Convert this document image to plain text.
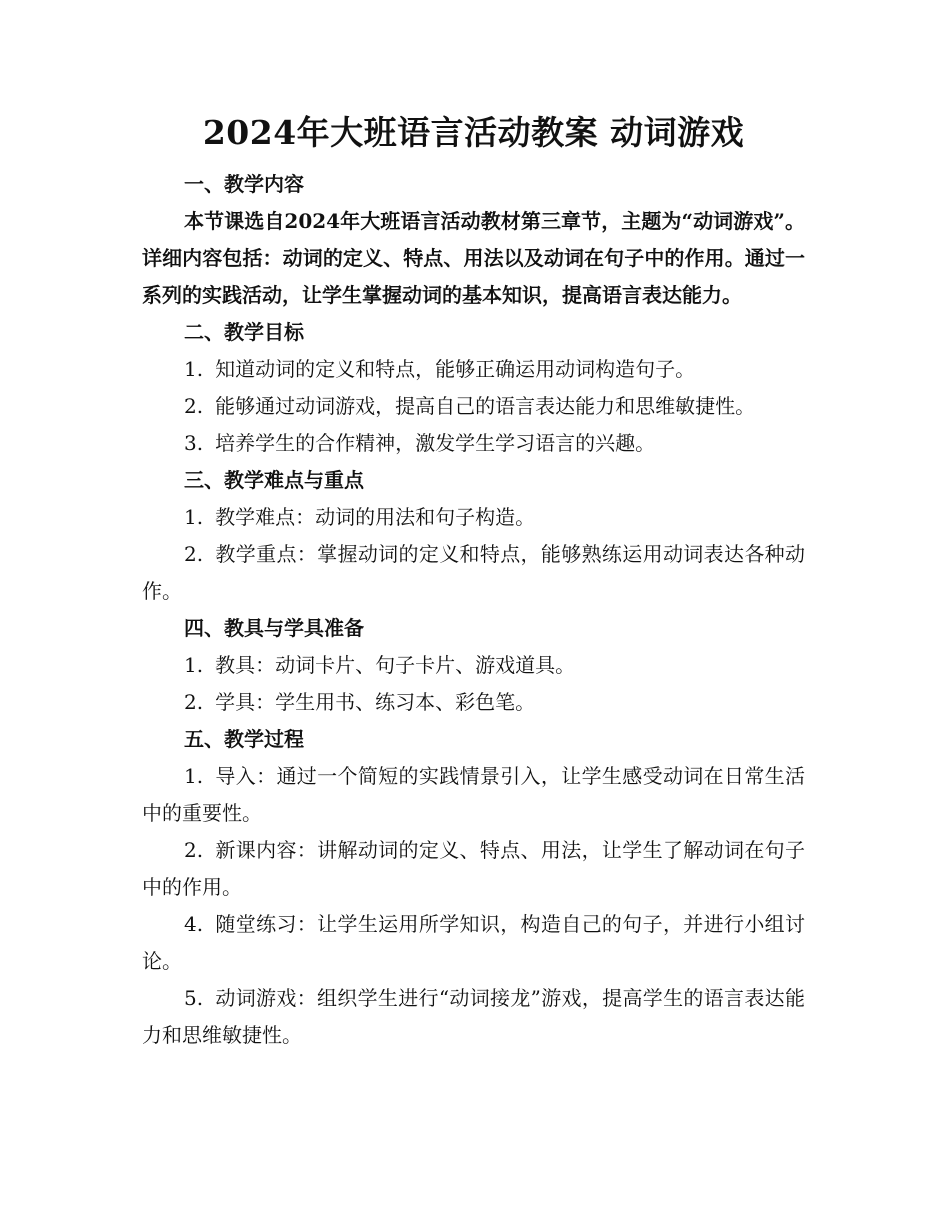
2024年大班语言活动教案 动词游戏

一、教学内容

本节课选自2024年大班语言活动教材第三章节，主题为“动词游戏”。详细内容包括：动词的定义、特点、用法以及动词在句子中的作用。通过一系列的实践活动，让学生掌握动词的基本知识，提高语言表达能力。

二、教学目标

1. 知道动词的定义和特点，能够正确运用动词构造句子。

2. 能够通过动词游戏，提高自己的语言表达能力和思维敏捷性。

3. 培养学生的合作精神，激发学生学习语言的兴趣。

三、教学难点与重点

1. 教学难点：动词的用法和句子构造。

2. 教学重点：掌握动词的定义和特点，能够熟练运用动词表达各种动作。

四、教具与学具准备

1. 教具：动词卡片、句子卡片、游戏道具。

2. 学具：学生用书、练习本、彩色笔。

五、教学过程

1. 导入：通过一个简短的实践情景引入，让学生感受动词在日常生活中的重要性。

2. 新课内容：讲解动词的定义、特点、用法，让学生了解动词在句子中的作用。

4. 随堂练习：让学生运用所学知识，构造自己的句子，并进行小组讨论。

5. 动词游戏：组织学生进行“动词接龙”游戏，提高学生的语言表达能力和思维敏捷性。
